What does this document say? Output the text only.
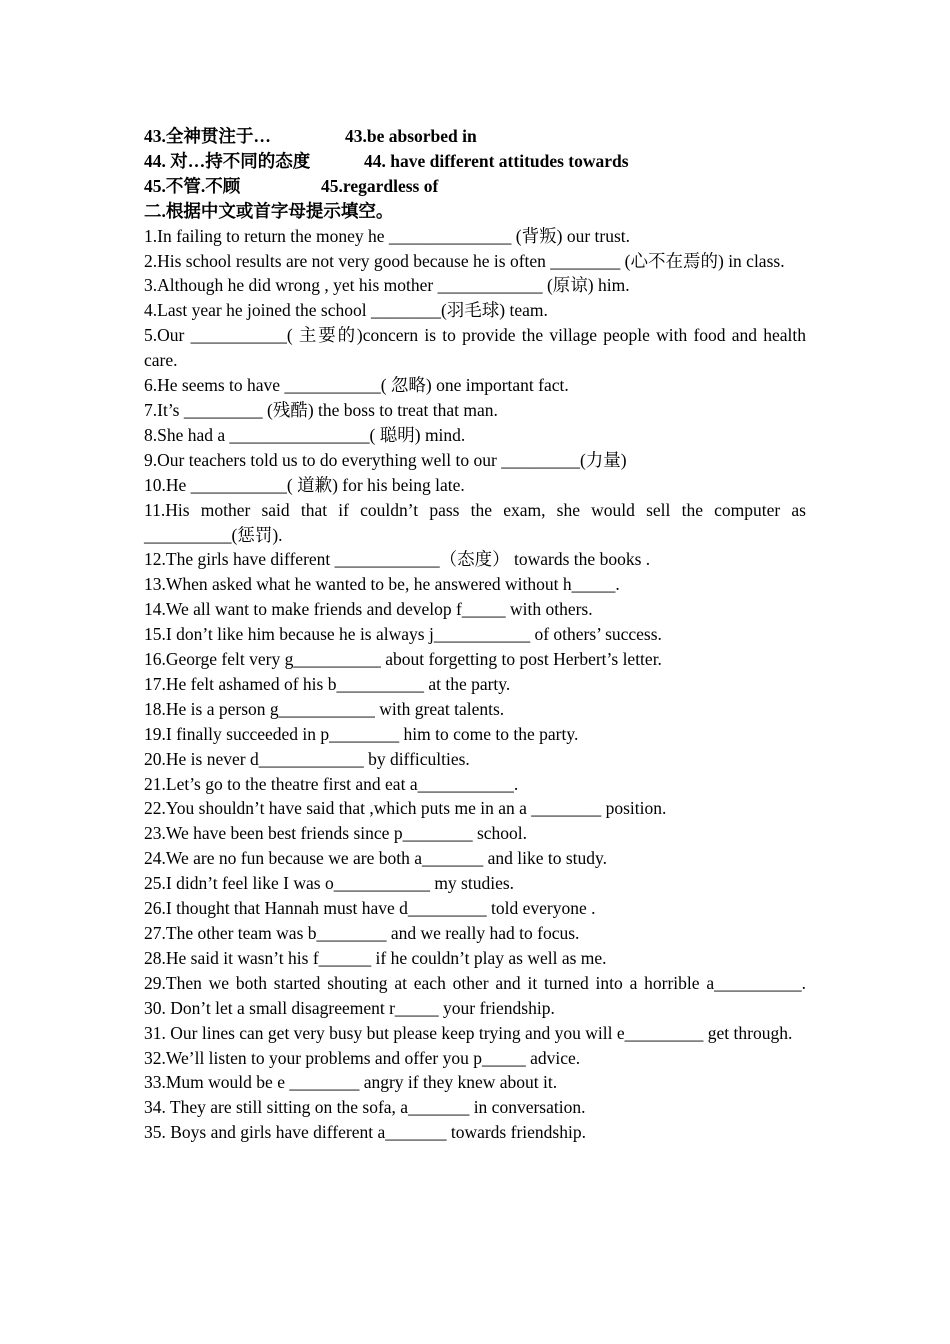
43.全神贯注于…	43.be absorbed in
44. 对…持不同的态度	44. have different attitudes towards
45.不管.不顾	45.regardless of
二.根据中文或首字母提示填空。
1.In failing to return the money he ______________ (背叛) our trust.
2.His school results are not very good because he is often ________ (心不在焉的) in class.
3.Although he did wrong , yet his mother ____________ (原谅) him.
4.Last year he joined the school ________(羽毛球) team.
5.Our ___________( 主要的)concern is to provide the village people with food and health care.
6.He seems to have ___________( 忽略) one important fact.
7.It’s _________ (残酷) the boss to treat that man.
8.She had a ________________( 聪明) mind.
9.Our teachers told us to do everything well to our _________(力量)
10.He ___________( 道歉) for his being late.
11.His mother said that if couldn’t pass the exam, she would sell the computer as __________(惩罚).
12.The girls have different ____________（态度） towards the books .
13.When asked what he wanted to be, he answered without h_____.
14.We all want to make friends and develop f_____ with others.
15.I don’t like him because he is always j___________ of others’ success.
16.George felt very g__________ about forgetting to post Herbert’s letter.
17.He felt ashamed of his b__________ at the party.
18.He is a person g___________ with great talents.
19.I finally succeeded in p________ him to come to the party.
20.He is never d____________ by difficulties.
21.Let’s go to the theatre first and eat a___________.
22.You shouldn’t have said that ,which puts me in an a ________ position.
23.We have been best friends since p________ school.
24.We are no fun because we are both a_______ and like to study.
25.I didn’t feel like I was o___________ my studies.
26.I thought that Hannah must have d_________ told everyone .
27.The other team was b________ and we really had to focus.
28.He said it wasn’t his f______ if he couldn’t play as well as me.
29.Then we both started shouting at each other and it turned into a horrible a__________.
30. Don’t let a small disagreement r_____ your friendship.
31. Our lines can get very busy but please keep trying and you will e_________ get through.
32.We’ll listen to your problems and offer you p_____ advice.
33.Mum would be e ________ angry if they knew about it.
34. They are still sitting on the sofa, a_______ in conversation.
35. Boys and girls have different a_______ towards friendship.
